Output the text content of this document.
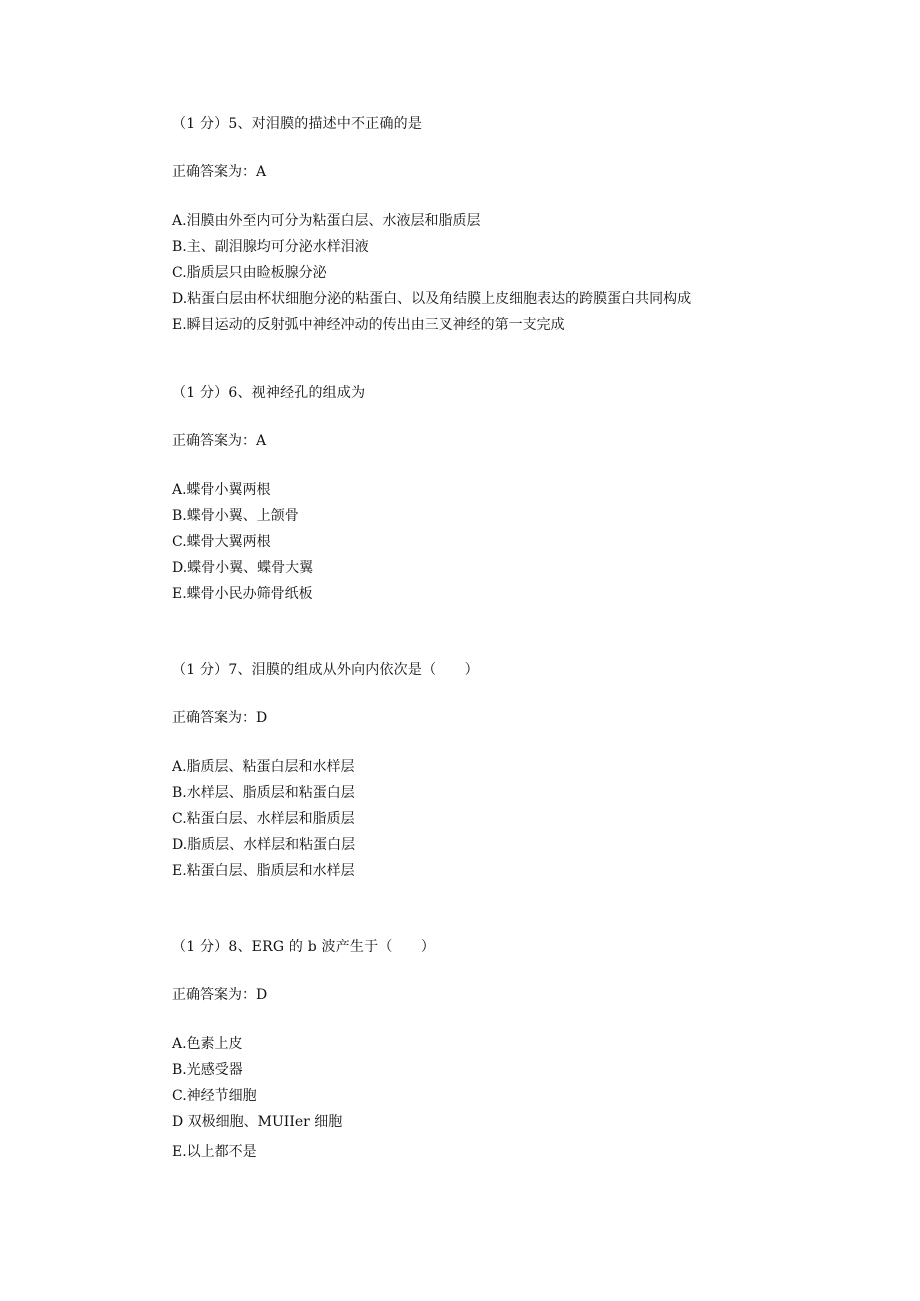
（1 分）5、对泪膜的描述中不正确的是

正确答案为：A

A.泪膜由外至内可分为粘蛋白层、水液层和脂质层
B.主、副泪腺均可分泌水样泪液
C.脂质层只由睑板腺分泌
D.粘蛋白层由杯状细胞分泌的粘蛋白、以及角结膜上皮细胞表达的跨膜蛋白共同构成
E.瞬目运动的反射弧中神经冲动的传出由三叉神经的第一支完成

（1 分）6、视神经孔的组成为

正确答案为：A

A.蝶骨小翼两根
B.蝶骨小翼、上颌骨
C.蝶骨大翼两根
D.蝶骨小翼、蝶骨大翼
E.蝶骨小民办筛骨纸板

（1 分）7、泪膜的组成从外向内依次是（　　）

正确答案为：D

A.脂质层、粘蛋白层和水样层
B.水样层、脂质层和粘蛋白层
C.粘蛋白层、水样层和脂质层
D.脂质层、水样层和粘蛋白层
E.粘蛋白层、脂质层和水样层

（1 分）8、ERG 的 b 波产生于（　　）

正确答案为：D

A.色素上皮
B.光感受器
C.神经节细胞
D 双极细胞、MUIIer 细胞
E.以上都不是
